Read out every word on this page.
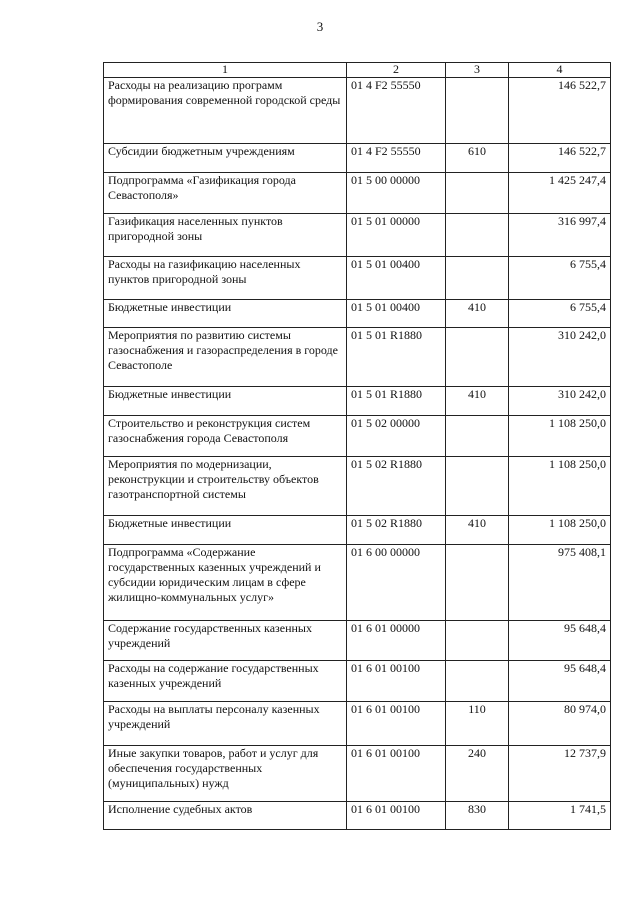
3
1	2	3	4
Расходы на реализацию программ формирования современной городской среды	01 4 F2 55550		146 522,7
Субсидии бюджетным учреждениям	01 4 F2 55550	610	146 522,7
Подпрограмма «Газификация города Севастополя»	01 5 00 00000		1 425 247,4
Газификация населенных пунктов пригородной зоны	01 5 01 00000		316 997,4
Расходы на газификацию населенных пунктов пригородной зоны	01 5 01 00400		6 755,4
Бюджетные инвестиции	01 5 01 00400	410	6 755,4
Мероприятия по развитию системы газоснабжения и газораспределения в городе Севастополе	01 5 01 R1880		310 242,0
Бюджетные инвестиции	01 5 01 R1880	410	310 242,0
Строительство и реконструкция систем газоснабжения города Севастополя	01 5 02 00000		1 108 250,0
Мероприятия по модернизации, реконструкции и строительству объектов газотранспортной системы	01 5 02 R1880		1 108 250,0
Бюджетные инвестиции	01 5 02 R1880	410	1 108 250,0
Подпрограмма «Содержание государственных казенных учреждений и субсидии юридическим лицам в сфере жилищно-коммунальных услуг»	01 6 00 00000		975 408,1
Содержание государственных казенных учреждений	01 6 01 00000		95 648,4
Расходы на содержание государственных казенных учреждений	01 6 01 00100		95 648,4
Расходы на выплаты персоналу казенных учреждений	01 6 01 00100	110	80 974,0
Иные закупки товаров, работ и услуг для обеспечения государственных (муниципальных) нужд	01 6 01 00100	240	12 737,9
Исполнение судебных актов	01 6 01 00100	830	1 741,5
